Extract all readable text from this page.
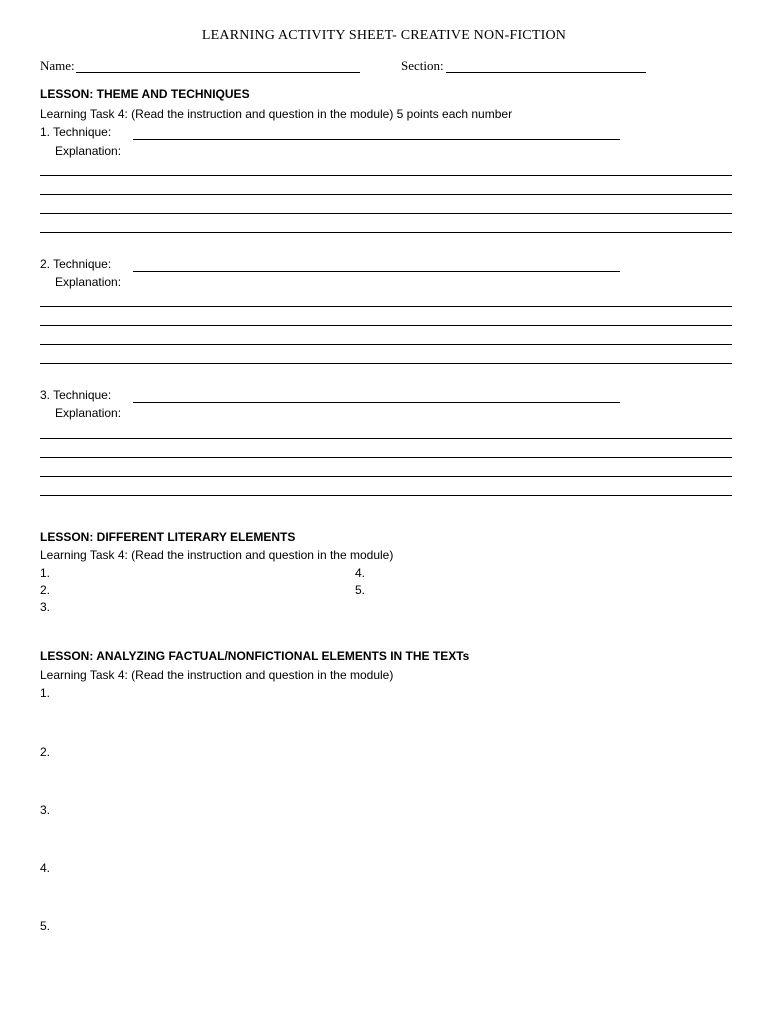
LEARNING ACTIVITY SHEET- CREATIVE NON-FICTION
Name:	Section:
LESSON: THEME AND TECHNIQUES
Learning Task 4: (Read the instruction and question in the module) 5 points each number
1. Technique:
Explanation:
2. Technique:
Explanation:
3. Technique:
Explanation:
LESSON: DIFFERENT LITERARY ELEMENTS
Learning Task 4: (Read the instruction and question in the module)
1.
2.
3.
4.
5.
LESSON: ANALYZING FACTUAL/NONFICTIONAL ELEMENTS IN THE TEXTs
Learning Task 4: (Read the instruction and question in the module)
1.
2.
3.
4.
5.
